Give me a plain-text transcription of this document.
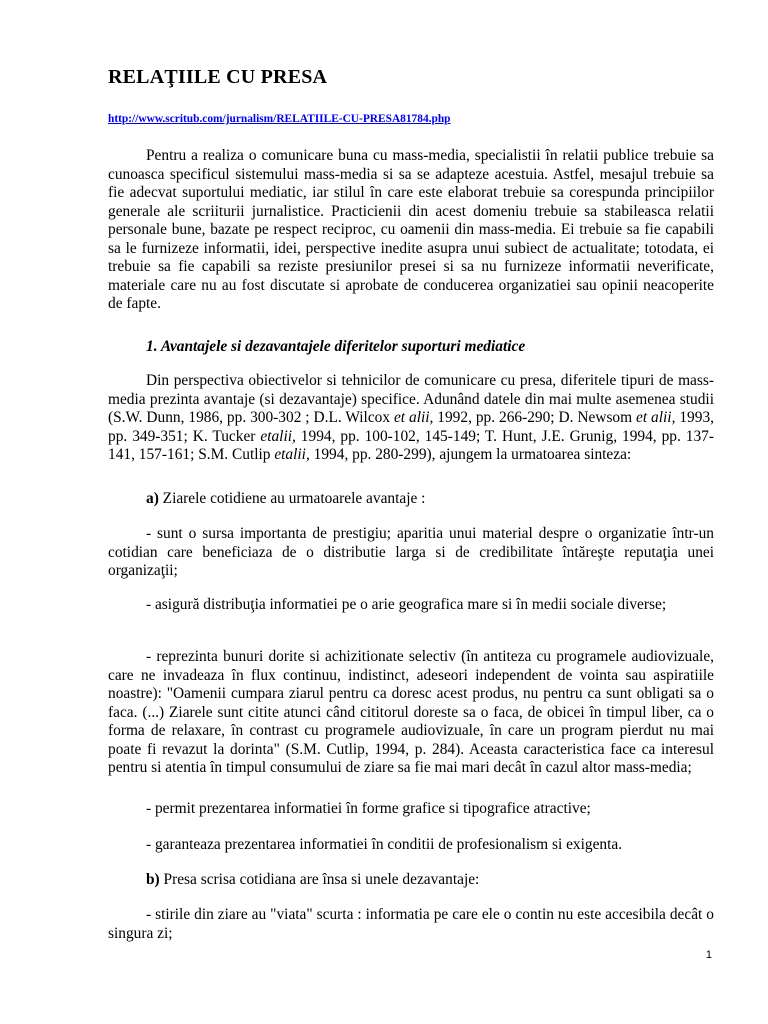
RELAŢIILE CU PRESA
http://www.scritub.com/jurnalism/RELATIILE-CU-PRESA81784.php

Pentru a realiza o comunicare buna cu mass-media, specialistii în relatii publice trebuie sa cunoasca specificul sistemului mass-media si sa se adapteze acestuia. Astfel, mesajul trebuie sa fie adecvat suportului mediatic, iar stilul în care este elaborat trebuie sa corespunda principiilor generale ale scriiturii jurnalistice. Practicienii din acest domeniu trebuie sa stabileasca relatii personale bune, bazate pe respect reciproc, cu oamenii din mass-media. Ei trebuie sa fie capabili sa le furnizeze informatii, idei, perspective inedite asupra unui subiect de actualitate; totodata, ei trebuie sa fie capabili sa reziste presiunilor presei si sa nu furnizeze informatii neverificate, materiale care nu au fost discutate si aprobate de conducerea organizatiei sau opinii neacoperite de fapte.

1. Avantajele si dezavantajele diferitelor suporturi mediatice

Din perspectiva obiectivelor si tehnicilor de comunicare cu presa, diferitele tipuri de mass-media prezinta avantaje (si dezavantaje) specifice. Adunând datele din mai multe asemenea studii (S.W. Dunn, 1986, pp. 300-302 ; D.L. Wilcox et alii, 1992, pp. 266-290; D. Newsom et alii, 1993, pp. 349-351; K. Tucker etalii, 1994, pp. 100-102, 145-149; T. Hunt, J.E. Grunig, 1994, pp. 137-141, 157-161; S.M. Cutlip etalii, 1994, pp. 280-299), ajungem la urmatoarea sinteza:

a) Ziarele cotidiene au urmatoarele avantaje :

- sunt o sursa importanta de prestigiu; aparitia unui material despre o organizatie într-un cotidian care beneficiaza de o distributie larga si de credibilitate întăreşte reputaţia unei organizaţii;

- asigură distribuţia informatiei pe o arie geografica mare si în medii sociale diverse;

- reprezinta bunuri dorite si achizitionate selectiv (în antiteza cu programele audiovizuale, care ne invadeaza în flux continuu, indistinct, adeseori independent de vointa sau aspiratiile noastre): "Oamenii cumpara ziarul pentru ca doresc acest produs, nu pentru ca sunt obligati sa o faca. (...) Ziarele sunt citite atunci când cititorul doreste sa o faca, de obicei în timpul liber, ca o forma de relaxare, în contrast cu programele audiovizuale, în care un program pierdut nu mai poate fi revazut la dorinta" (S.M. Cutlip, 1994, p. 284). Aceasta caracteristica face ca interesul pentru si atentia în timpul consumului de ziare sa fie mai mari decât în cazul altor mass-media;

- permit prezentarea informatiei în forme grafice si tipografice atractive;

- garanteaza prezentarea informatiei în conditii de profesionalism si exigenta.

b) Presa scrisa cotidiana are însa si unele dezavantaje:

- stirile din ziare au "viata" scurta : informatia pe care ele o contin nu este accesibila decât o singura zi;

1
